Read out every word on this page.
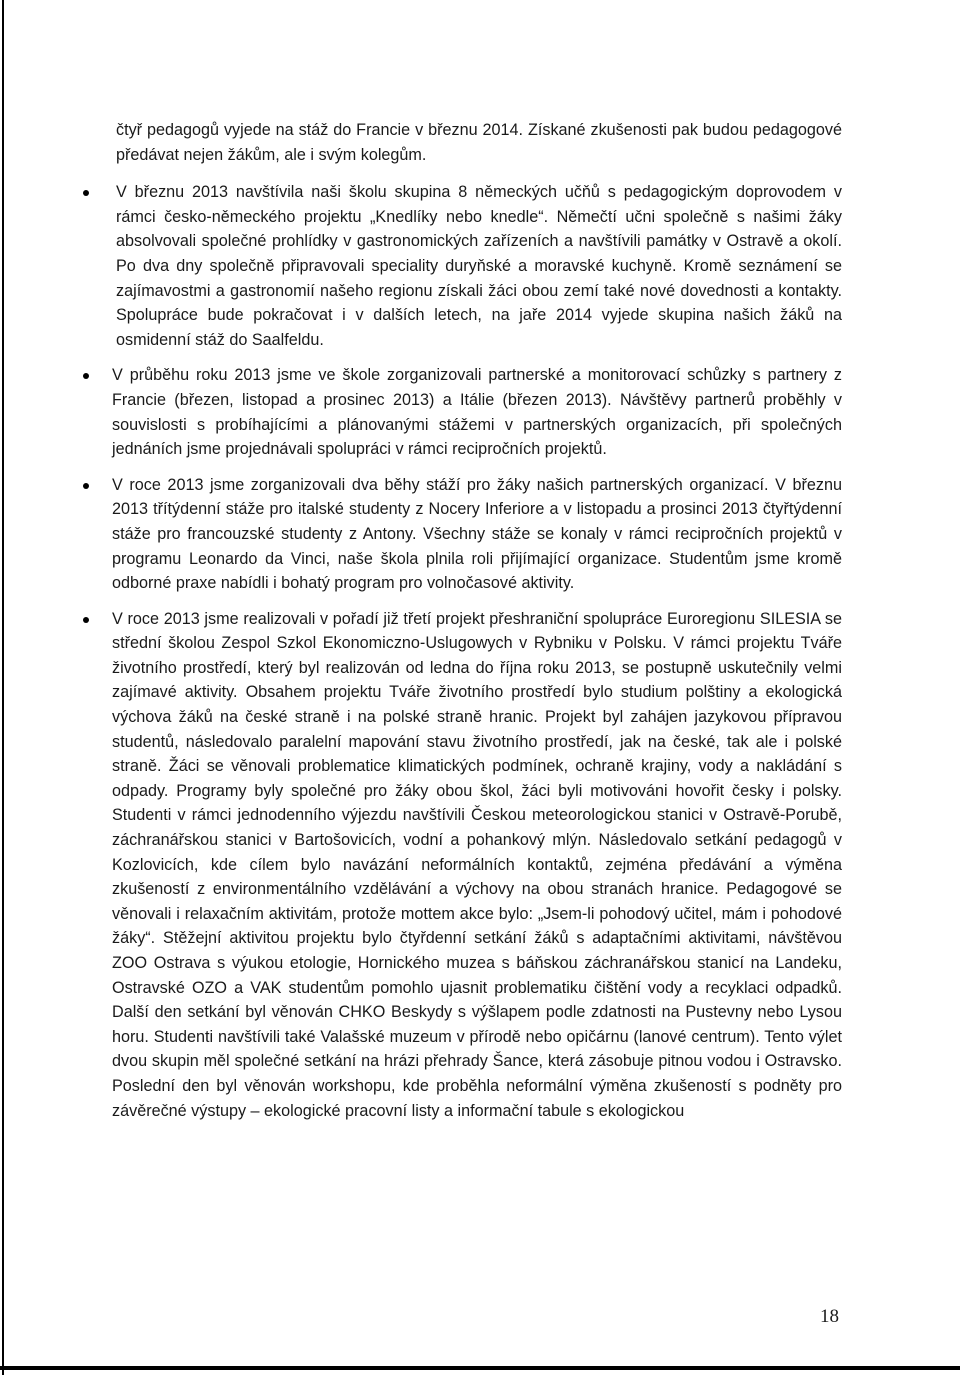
čtyř pedagogů vyjede na stáž do Francie v březnu 2014. Získané zkušenosti pak budou pedagogové předávat nejen žákům, ale i svým kolegům.

V březnu 2013 navštívila naši školu skupina 8 německých učňů s pedagogickým doprovodem v rámci česko-německého projektu „Knedlíky nebo knedle“. Němečtí učni společně s našimi žáky absolvovali společné prohlídky v gastronomických zařízeních a navštívili památky v Ostravě a okolí. Po dva dny společně připravovali speciality duryňské a moravské kuchyně. Kromě seznámení se zajímavostmi a gastronomií našeho regionu získali žáci obou zemí také nové dovednosti a kontakty. Spolupráce bude pokračovat i v dalších letech, na jaře 2014 vyjede skupina našich žáků na osmidenní stáž do Saalfeldu.

V průběhu roku 2013 jsme ve škole zorganizovali partnerské a monitorovací schůzky s partnery z Francie (březen, listopad a prosinec 2013) a Itálie (březen 2013). Návštěvy partnerů proběhly v souvislosti s probíhajícími a plánovanými stážemi v partnerských organizacích, při společných jednáních jsme projednávali spolupráci v rámci recipročních projektů.

V roce 2013 jsme zorganizovali dva běhy stáží pro žáky našich partnerských organizací. V březnu 2013 třítýdenní stáže pro italské studenty z Nocery Inferiore a v listopadu a prosinci 2013 čtyřtýdenní stáže pro francouzské studenty z Antony. Všechny stáže se konaly v rámci recipročních projektů v programu Leonardo da Vinci, naše škola plnila roli přijímající organizace. Studentům jsme kromě odborné praxe nabídli i bohatý program pro volnočasové aktivity.

V roce 2013 jsme realizovali v pořadí již třetí projekt přeshraniční spolupráce Euroregionu SILESIA se střední školou Zespol Szkol Ekonomiczno-Uslugowych v Rybniku v Polsku. V rámci projektu Tváře životního prostředí, který byl realizován od ledna do října roku 2013, se postupně uskutečnily velmi zajímavé aktivity. Obsahem projektu Tváře životního prostředí bylo studium polštiny a ekologická výchova žáků na české straně i na polské straně hranic. Projekt byl zahájen jazykovou přípravou studentů, následovalo paralelní mapování stavu životního prostředí, jak na české, tak ale i polské straně. Žáci se věnovali problematice klimatických podmínek, ochraně krajiny, vody a nakládání s odpady. Programy byly společné pro žáky obou škol, žáci byli motivováni hovořit česky i polsky. Studenti v rámci jednodenního výjezdu navštívili Českou meteorologickou stanici v Ostravě-Porubě, záchranářskou stanici v Bartošovicích, vodní a pohankový mlýn. Následovalo setkání pedagogů v Kozlovicích, kde cílem bylo navázání neformálních kontaktů, zejména předávání a výměna zkušeností z environmentálního vzdělávání a výchovy na obou stranách hranice. Pedagogové se věnovali i relaxačním aktivitám, protože mottem akce bylo: „Jsem-li pohodový učitel, mám i pohodové žáky“. Stěžejní aktivitou projektu bylo čtyřdenní setkání žáků s adaptačními aktivitami, návštěvou ZOO Ostrava s výukou etologie, Hornického muzea s báňskou záchranářskou stanicí na Landeku, Ostravské OZO a VAK studentům pomohlo ujasnit problematiku čištění vody a recyklaci odpadků. Další den setkání byl věnován CHKO Beskydy s výšlapem podle zdatnosti na Pustevny nebo Lysou horu. Studenti navštívili také Valašské muzeum v přírodě nebo opičárnu (lanové centrum). Tento výlet dvou skupin měl společné setkání na hrázi přehrady Šance, která zásobuje pitnou vodou i Ostravsko. Poslední den byl věnován workshopu, kde proběhla neformální výměna zkušeností s podněty pro závěrečné výstupy – ekologické pracovní listy a informační tabule s ekologickou

18
